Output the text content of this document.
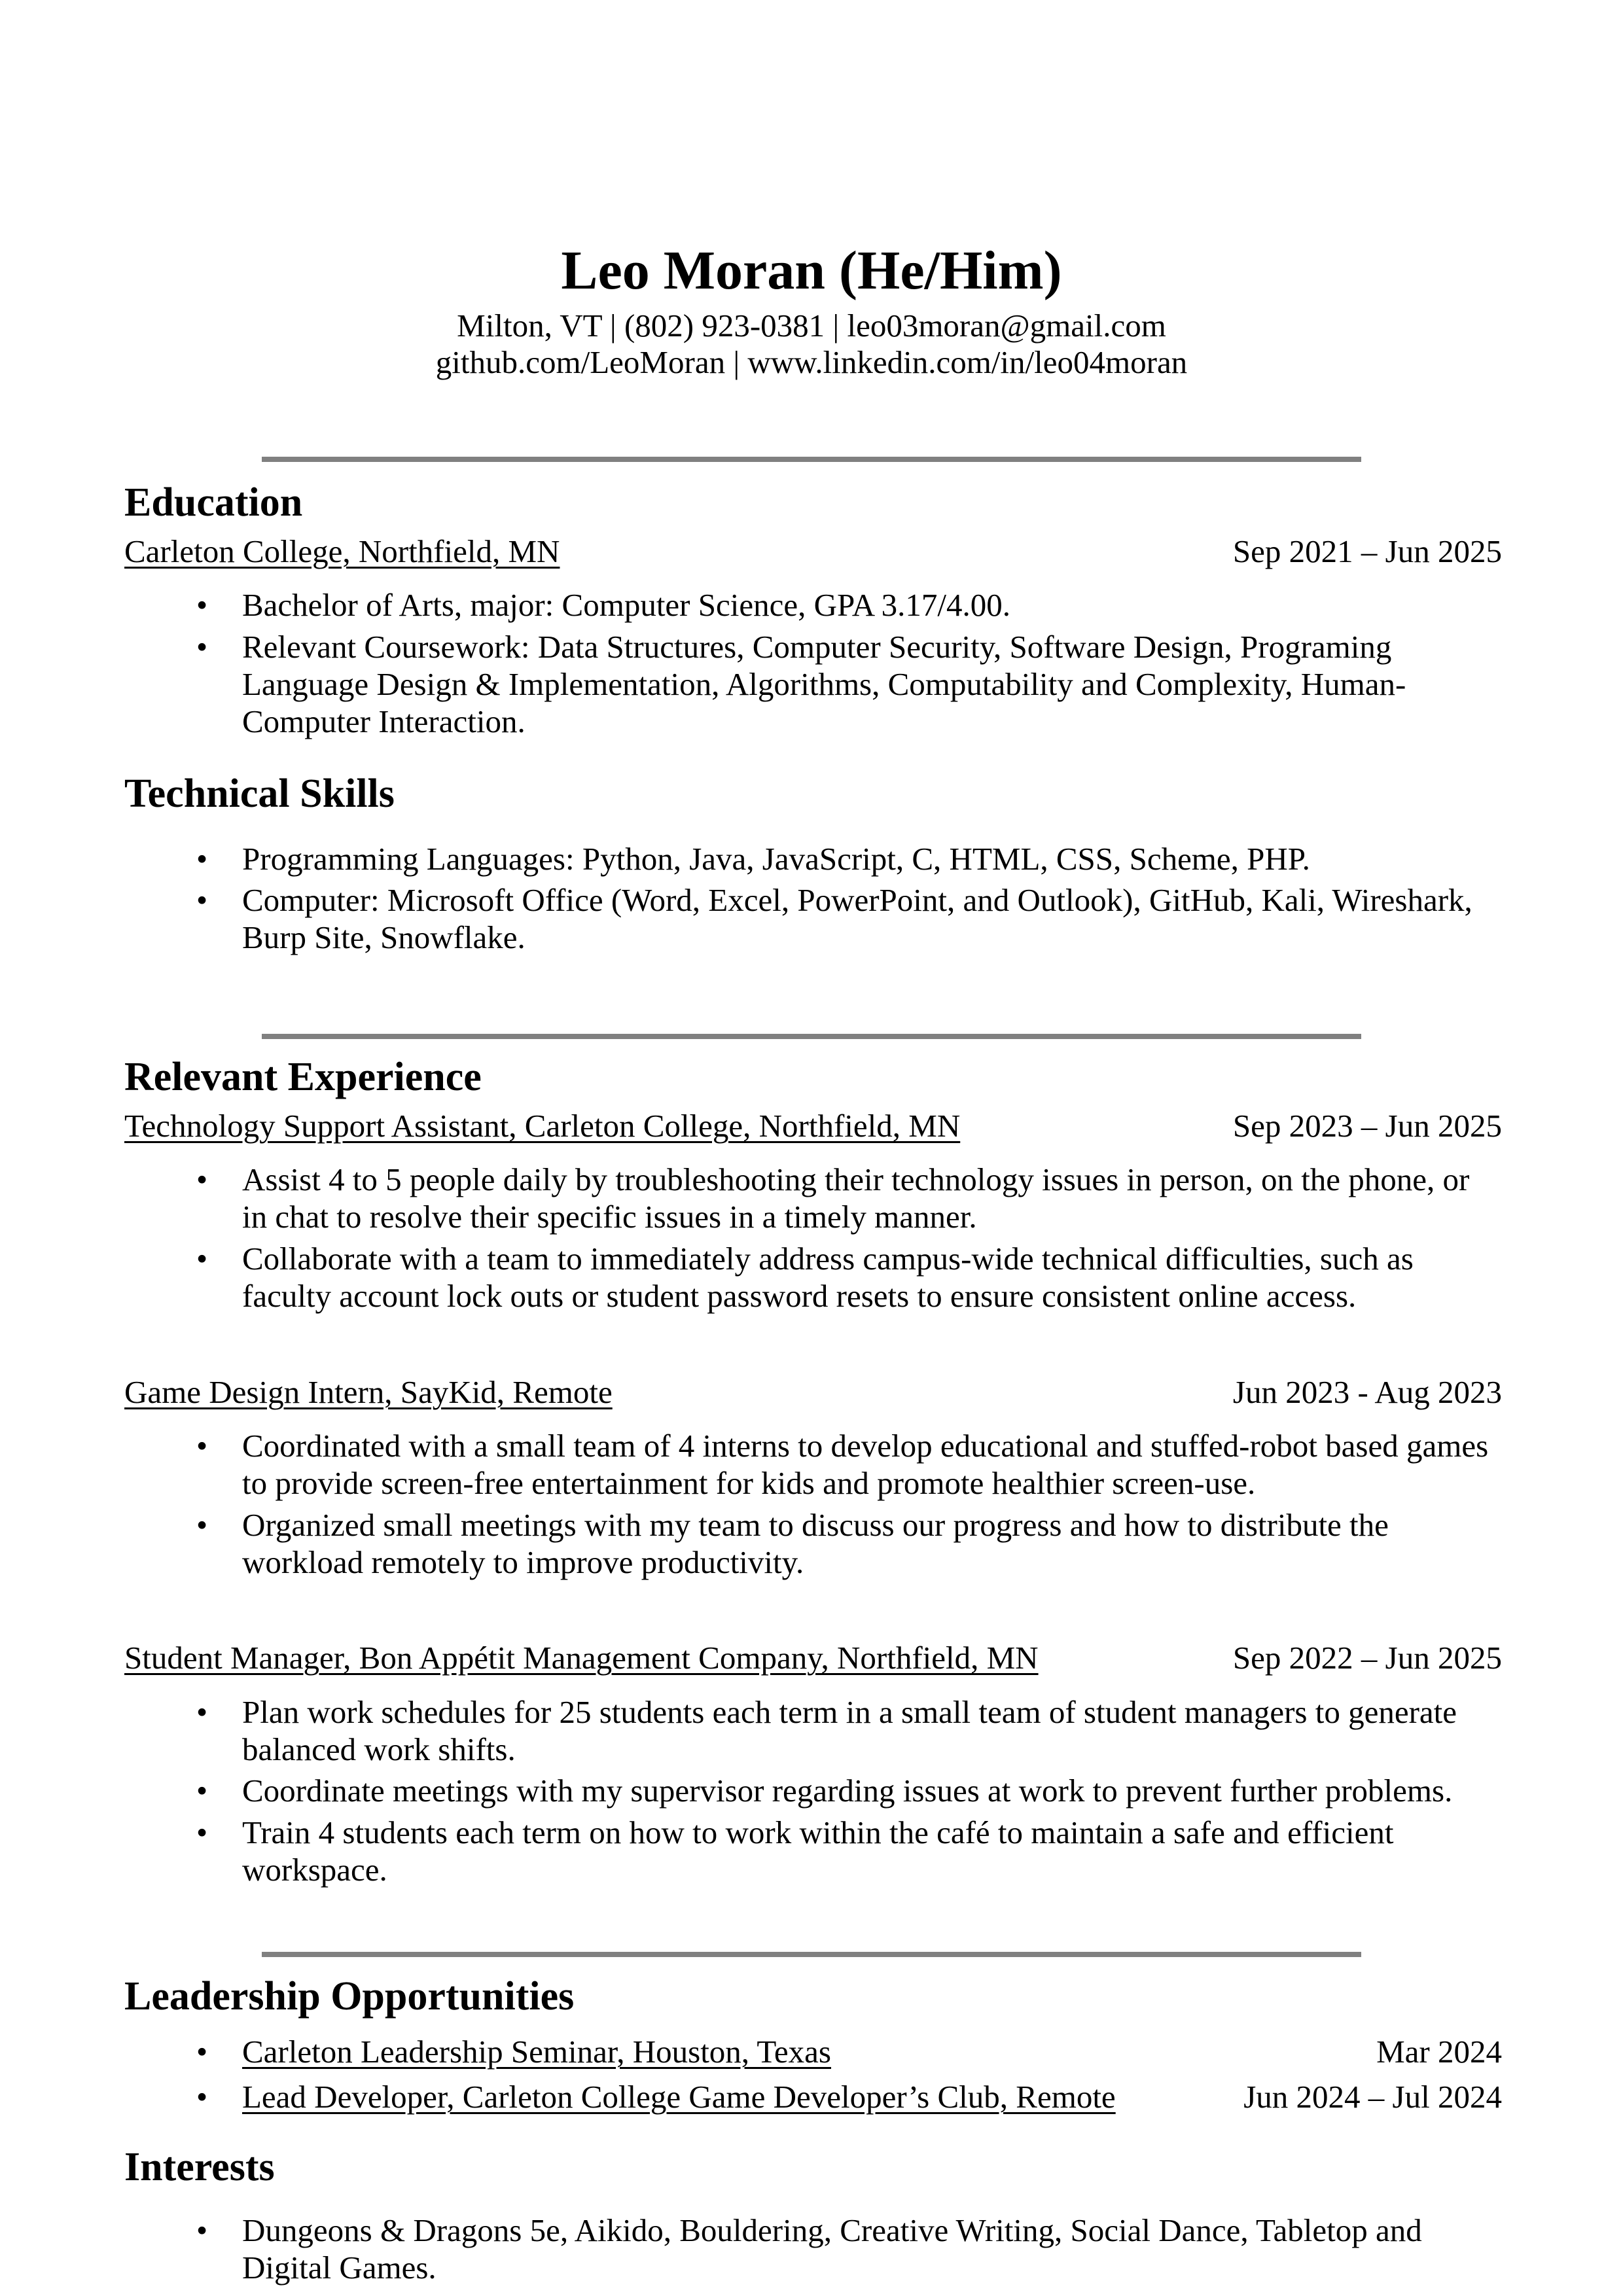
Leo Moran (He/Him)

Milton, VT | (802) 923-0381 | leo03moran@gmail.com

github.com/LeoMoran | www.linkedin.com/in/leo04moran

Education
Carleton College, Northfield, MN	Sep 2021 – Jun 2025
• Bachelor of Arts, major: Computer Science, GPA 3.17/4.00.
• Relevant Coursework: Data Structures, Computer Security, Software Design, Programing Language Design & Implementation, Algorithms, Computability and Complexity, Human-Computer Interaction.
Technical Skills
• Programming Languages: Python, Java, JavaScript, C, HTML, CSS, Scheme, PHP.
• Computer: Microsoft Office (Word, Excel, PowerPoint, and Outlook), GitHub, Kali, Wireshark, Burp Site, Snowflake.
Relevant Experience
Technology Support Assistant, Carleton College, Northfield, MN	Sep 2023 – Jun 2025
• Assist 4 to 5 people daily by troubleshooting their technology issues in person, on the phone, or in chat to resolve their specific issues in a timely manner.
• Collaborate with a team to immediately address campus-wide technical difficulties, such as faculty account lock outs or student password resets to ensure consistent online access.
Game Design Intern, SayKid, Remote	Jun 2023 - Aug 2023
• Coordinated with a small team of 4 interns to develop educational and stuffed-robot based games to provide screen-free entertainment for kids and promote healthier screen-use.
• Organized small meetings with my team to discuss our progress and how to distribute the workload remotely to improve productivity.
Student Manager, Bon Appétit Management Company, Northfield, MN	Sep 2022 – Jun 2025
• Plan work schedules for 25 students each term in a small team of student managers to generate balanced work shifts.
• Coordinate meetings with my supervisor regarding issues at work to prevent further problems.
• Train 4 students each term on how to work within the café to maintain a safe and efficient workspace.
Leadership Opportunities
• Carleton Leadership Seminar, Houston, Texas	Mar 2024
• Lead Developer, Carleton College Game Developer’s Club, Remote	Jun 2024 – Jul 2024
Interests
• Dungeons & Dragons 5e, Aikido, Bouldering, Creative Writing, Social Dance, Tabletop and Digital Games.
